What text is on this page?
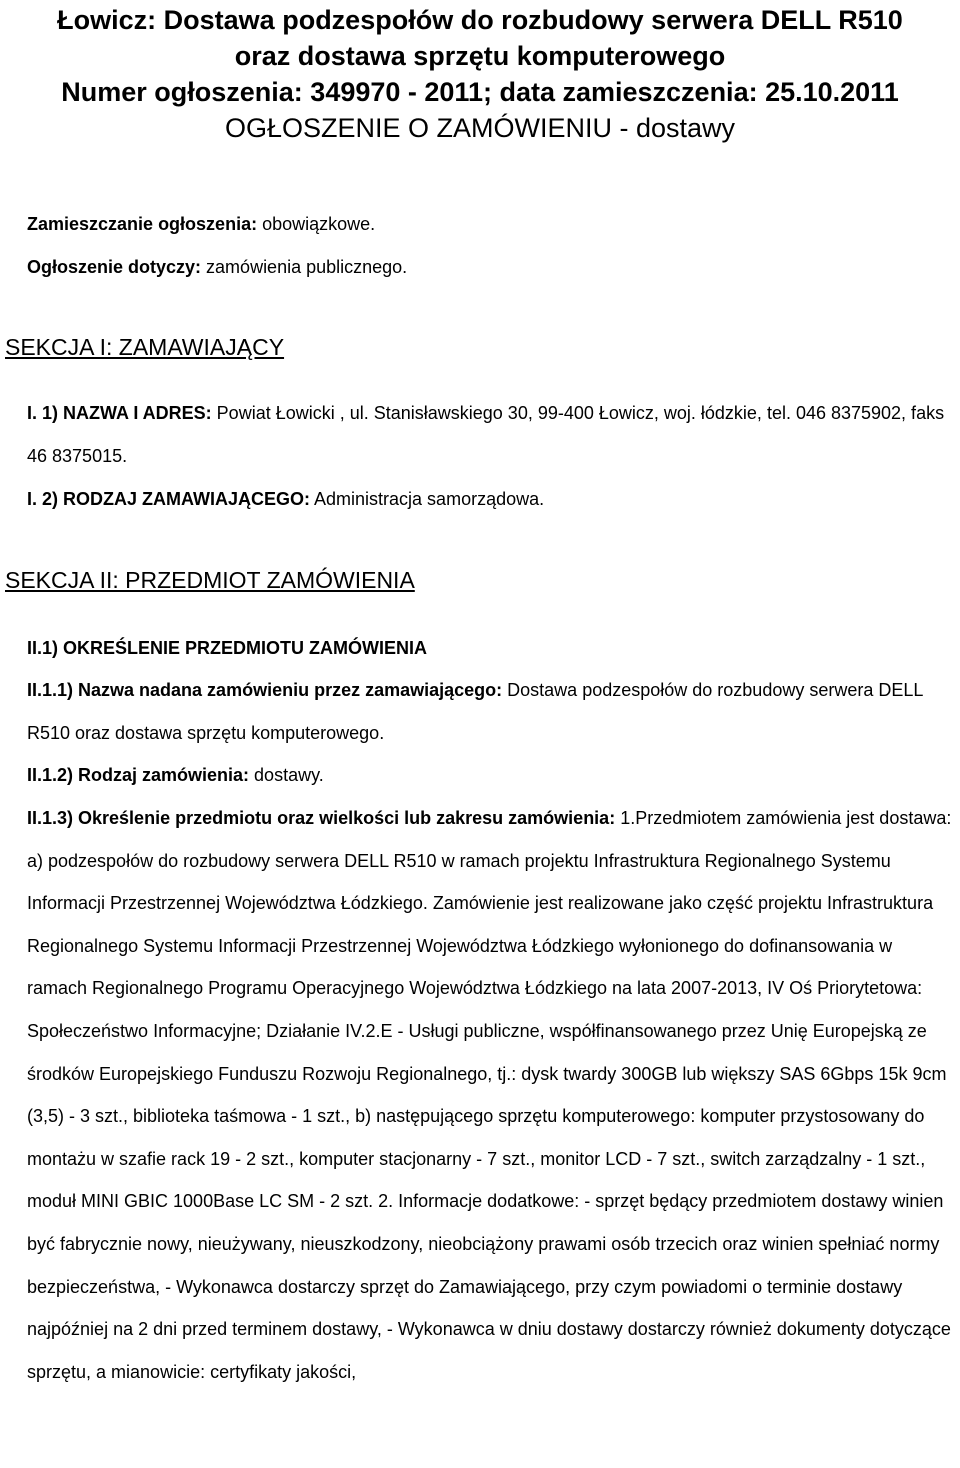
Łowicz: Dostawa podzespołów do rozbudowy serwera DELL R510

oraz dostawa sprzętu komputerowego

Numer ogłoszenia: 349970 - 2011; data zamieszczenia: 25.10.2011

OGŁOSZENIE O ZAMÓWIENIU - dostawy

Zamieszczanie ogłoszenia: obowiązkowe.
Ogłoszenie dotyczy: zamówienia publicznego.
SEKCJA I: ZAMAWIAJĄCY

I. 1) NAZWA I ADRES: Powiat Łowicki , ul. Stanisławskiego 30, 99-400 Łowicz, woj. łódzkie, tel. 046 8375902, faks 46 8375015.

I. 2) RODZAJ ZAMAWIAJĄCEGO: Administracja samorządowa.

SEKCJA II: PRZEDMIOT ZAMÓWIENIA

II.1) OKREŚLENIE PRZEDMIOTU ZAMÓWIENIA

II.1.1) Nazwa nadana zamówieniu przez zamawiającego: Dostawa podzespołów do rozbudowy serwera DELL R510 oraz dostawa sprzętu komputerowego.

II.1.2) Rodzaj zamówienia: dostawy.

II.1.3) Określenie przedmiotu oraz wielkości lub zakresu zamówienia: 1.Przedmiotem zamówienia jest dostawa: a) podzespołów do rozbudowy serwera DELL R510 w ramach projektu Infrastruktura Regionalnego Systemu Informacji Przestrzennej Województwa Łódzkiego. Zamówienie jest realizowane jako część projektu Infrastruktura Regionalnego Systemu Informacji Przestrzennej Województwa Łódzkiego wyłonionego do dofinansowania w ramach Regionalnego Programu Operacyjnego Województwa Łódzkiego na lata 2007-2013, IV Oś Priorytetowa: Społeczeństwo Informacyjne; Działanie IV.2.E - Usługi publiczne, współfinansowanego przez Unię Europejską ze środków Europejskiego Funduszu Rozwoju Regionalnego, tj.: dysk twardy 300GB lub większy SAS 6Gbps 15k 9cm (3,5) - 3 szt., biblioteka taśmowa - 1 szt., b) następującego sprzętu komputerowego: komputer przystosowany do montażu w szafie rack 19 - 2 szt., komputer stacjonarny - 7 szt., monitor LCD - 7 szt., switch zarządzalny - 1 szt., moduł MINI GBIC 1000Base LC SM - 2 szt. 2. Informacje dodatkowe: - sprzęt będący przedmiotem dostawy winien być fabrycznie nowy, nieużywany, nieuszkodzony, nieobciążony prawami osób trzecich oraz winien spełniać normy bezpieczeństwa, - Wykonawca dostarczy sprzęt do Zamawiającego, przy czym powiadomi o terminie dostawy najpóźniej na 2 dni przed terminem dostawy, - Wykonawca w dniu dostawy dostarczy również dokumenty dotyczące sprzętu, a mianowicie: certyfikaty jakości,
